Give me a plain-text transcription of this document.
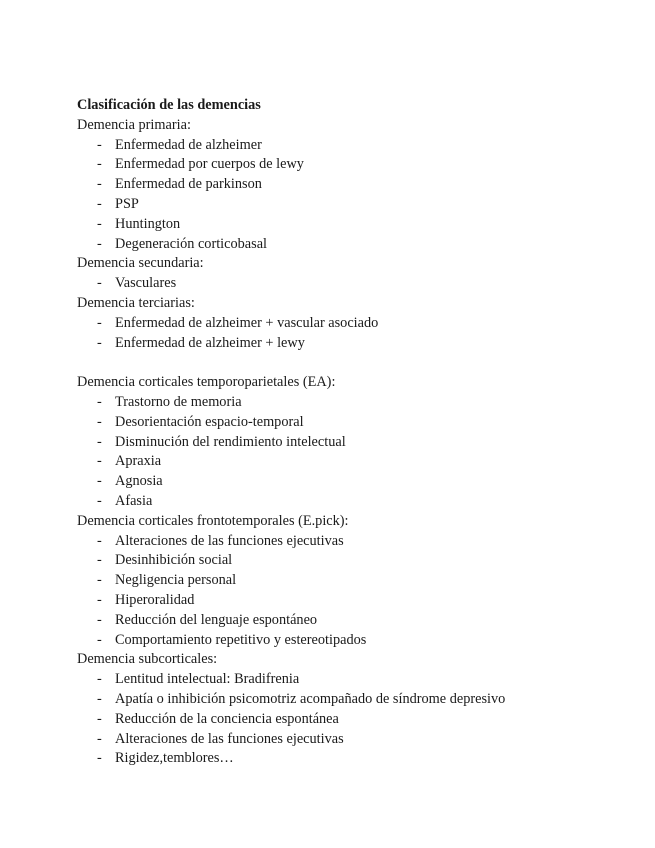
Clasificación de las demencias

Demencia primaria:

- Enfermedad de alzheimer
- Enfermedad por cuerpos de lewy
- Enfermedad de parkinson
- PSP
- Huntington
- Degeneración corticobasal

Demencia secundaria:

- Vasculares

Demencia terciarias:

- Enfermedad de alzheimer + vascular asociado
- Enfermedad de alzheimer + lewy

Demencia corticales temporoparietales (EA):

- Trastorno de memoria
- Desorientación espacio-temporal
- Disminución del rendimiento intelectual
- Apraxia
- Agnosia
- Afasia

Demencia corticales frontotemporales (E.pick):

- Alteraciones de las funciones ejecutivas
- Desinhibición social
- Negligencia personal
- Hiperoralidad
- Reducción del lenguaje espontáneo
- Comportamiento repetitivo y estereotipados

Demencia subcorticales:

- Lentitud intelectual: Bradifrenia
- Apatía o inhibición psicomotriz acompañado de síndrome depresivo
- Reducción de la conciencia espontánea
- Alteraciones de las funciones ejecutivas
- Rigidez,temblores…
